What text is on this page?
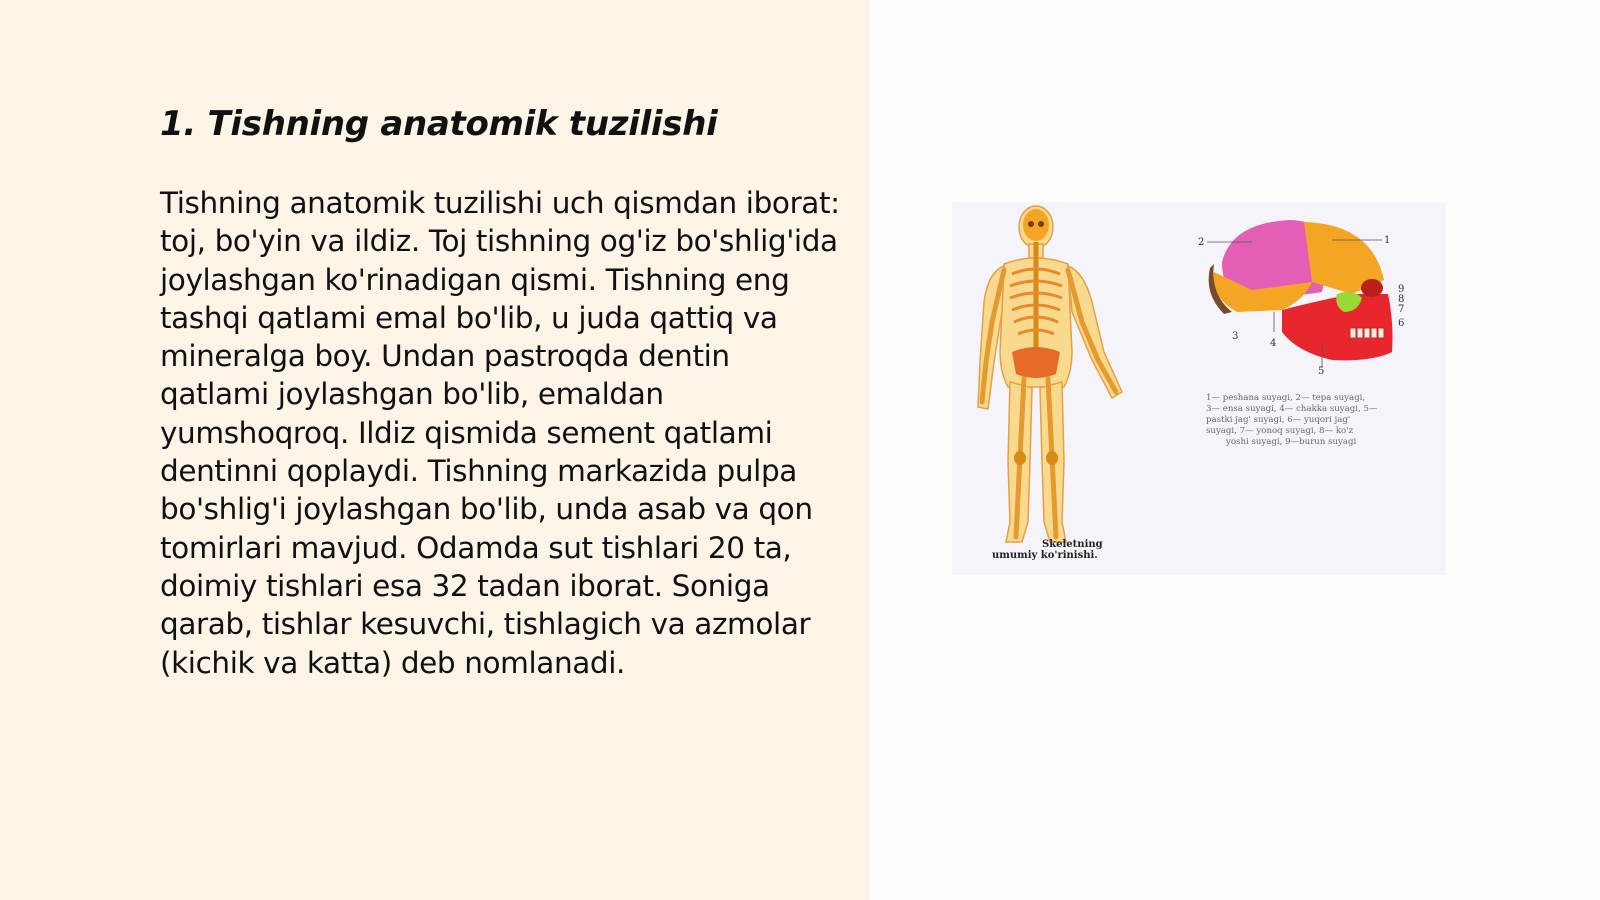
1. Tishning anatomik tuzilishi

Tishning anatomik tuzilishi uch qismdan iborat: toj, bo'yin va ildiz. Toj tishning og'iz bo'shlig'ida joylashgan ko'rinadigan qismi. Tishning eng tashqi qatlami emal bo'lib, u juda qattiq va mineralga boy. Undan pastroqda dentin qatlami joylashgan bo'lib, emaldan yumshoqroq. Ildiz qismida sement qatlami dentinni qoplaydi. Tishning markazida pulpa bo'shlig'i joylashgan bo'lib, unda asab va qon tomirlari mavjud. Odamda sut tishlari 20 ta, doimiy tishlari esa 32 tadan iborat. Soniga qarab, tishlar kesuvchi, tishlagich va azmolar (kichik va katta) deb nomlanadi.

Skeletning
umumiy ko'rinishi.
1
2
3
4
5
6
7
8
9
1— peshana suyagi, 2— tepa suyagi,
3— ensa suyagi, 4— chakka suyagi, 5—
pastki jag' suyagi, 6— yuqori jag'
suyagi, 7— yonoq suyagi, 8— ko'z
yoshi suyagi, 9—burun suyagi
